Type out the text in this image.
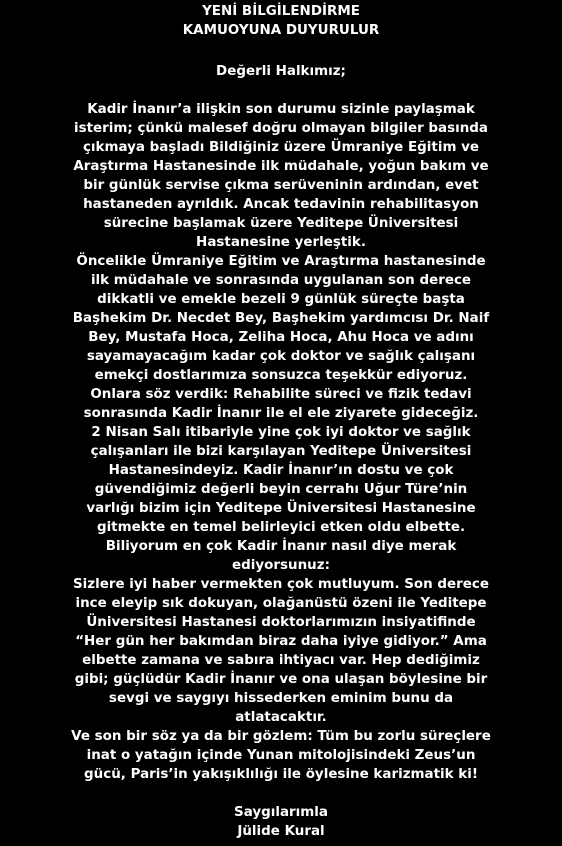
YENİ BİLGİLENDİRME
KAMUOYUNA DUYURULUR
Değerli Halkımız;
Kadir İnanır’a ilişkin son durumu sizinle paylaşmak
isterim; çünkü malesef doğru olmayan bilgiler basında
çıkmaya başladı Bildiğiniz üzere Ümraniye Eğitim ve
Araştırma Hastanesinde ilk müdahale, yoğun bakım ve
bir günlük servise çıkma serüveninin ardından, evet
hastaneden ayrıldık. Ancak tedavinin rehabilitasyon
sürecine başlamak üzere Yeditepe Üniversitesi
Hastanesine yerleştik.
Öncelikle Ümraniye Eğitim ve Araştırma hastanesinde
ilk müdahale ve sonrasında uygulanan son derece
dikkatli ve emekle bezeli 9 günlük süreçte başta
Başhekim Dr. Necdet Bey, Başhekim yardımcısı Dr. Naif
Bey, Mustafa Hoca, Zeliha Hoca, Ahu Hoca ve adını
sayamayacağım kadar çok doktor ve sağlık çalışanı
emekçi dostlarımıza sonsuzca teşekkür ediyoruz.
Onlara söz verdik: Rehabilite süreci ve fizik tedavi
sonrasında Kadir İnanır ile el ele ziyarete gideceğiz.
2 Nisan Salı itibariyle yine çok iyi doktor ve sağlık
çalışanları ile bizi karşılayan Yeditepe Üniversitesi
Hastanesindeyiz. Kadir İnanır’ın dostu ve çok
güvendiğimiz değerli beyin cerrahı Uğur Türe’nin
varlığı bizim için Yeditepe Üniversitesi Hastanesine
gitmekte en temel belirleyici etken oldu elbette.
Biliyorum en çok Kadir İnanır nasıl diye merak
ediyorsunuz:
Sizlere iyi haber vermekten çok mutluyum. Son derece
ince eleyip sık dokuyan, olağanüstü özeni ile Yeditepe
Üniversitesi Hastanesi doktorlarımızın insiyatifinde
“Her gün her bakımdan biraz daha iyiye gidiyor.” Ama
elbette zamana ve sabıra ihtiyacı var. Hep dediğimiz
gibi; güçlüdür Kadir İnanır ve ona ulaşan böylesine bir
sevgi ve saygıyı hissederken eminim bunu da
atlatacaktır.
Ve son bir söz ya da bir gözlem: Tüm bu zorlu süreçlere
inat o yatağın içinde Yunan mitolojisindeki Zeus’un
gücü, Paris’in yakışıklılığı ile öylesine karizmatik ki!
Saygılarımla
Jülide Kural
